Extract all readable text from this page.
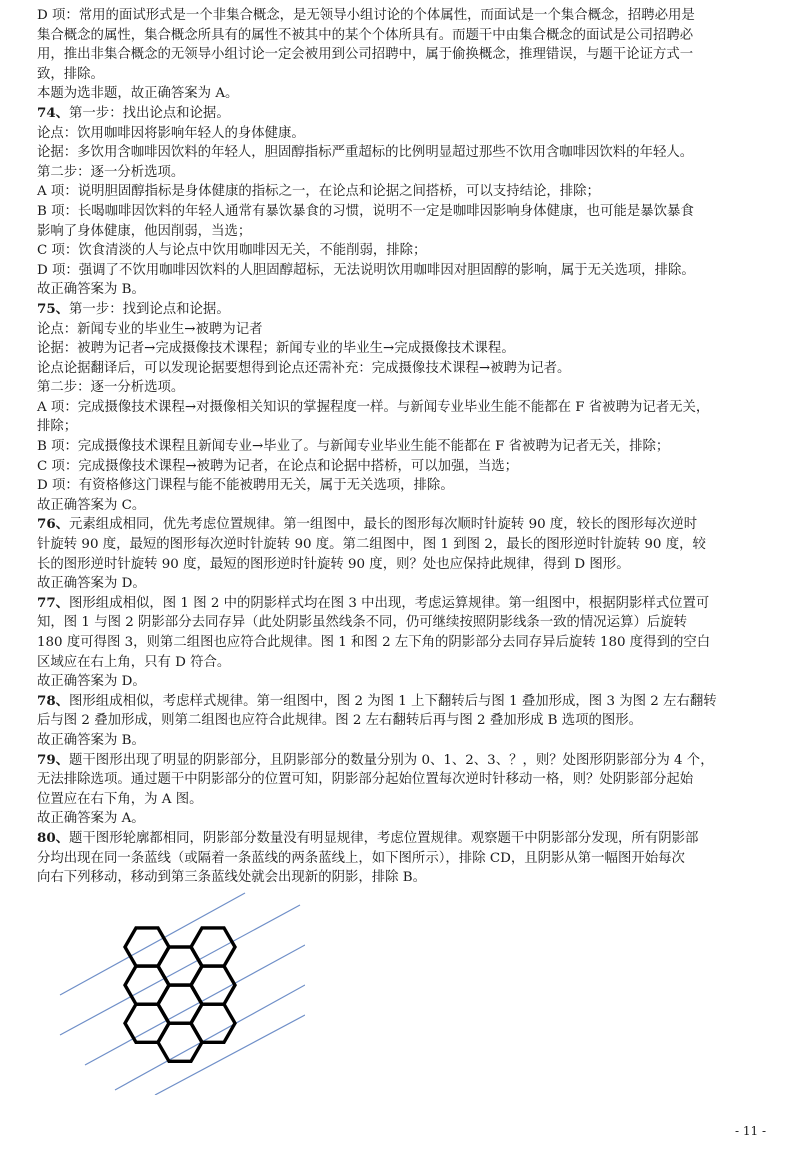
D 项：常用的面试形式是一个非集合概念，是无领导小组讨论的个体属性，而面试是一个集合概念，招聘必用是
集合概念的属性，集合概念所具有的属性不被其中的某个个体所具有。而题干中由集合概念的面试是公司招聘必
用，推出非集合概念的无领导小组讨论一定会被用到公司招聘中，属于偷换概念，推理错误，与题干论证方式一
致，排除。
本题为选非题，故正确答案为 A。
74、第一步：找出论点和论据。
论点：饮用咖啡因将影响年轻人的身体健康。
论据：多饮用含咖啡因饮料的年轻人，胆固醇指标严重超标的比例明显超过那些不饮用含咖啡因饮料的年轻人。
第二步：逐一分析选项。
A 项：说明胆固醇指标是身体健康的指标之一，在论点和论据之间搭桥，可以支持结论，排除；
B 项：长喝咖啡因饮料的年轻人通常有暴饮暴食的习惯，说明不一定是咖啡因影响身体健康，也可能是暴饮暴食
影响了身体健康，他因削弱，当选；
C 项：饮食清淡的人与论点中饮用咖啡因无关，不能削弱，排除；
D 项：强调了不饮用咖啡因饮料的人胆固醇超标，无法说明饮用咖啡因对胆固醇的影响，属于无关选项，排除。
故正确答案为 B。
75、第一步：找到论点和论据。
论点：新闻专业的毕业生→被聘为记者
论据：被聘为记者→完成摄像技术课程；新闻专业的毕业生→完成摄像技术课程。
论点论据翻译后，可以发现论据要想得到论点还需补充：完成摄像技术课程→被聘为记者。
第二步：逐一分析选项。
A 项：完成摄像技术课程→对摄像相关知识的掌握程度一样。与新闻专业毕业生能不能都在 F 省被聘为记者无关，
排除；
B 项：完成摄像技术课程且新闻专业→毕业了。与新闻专业毕业生能不能都在 F 省被聘为记者无关，排除；
C 项：完成摄像技术课程→被聘为记者，在论点和论据中搭桥，可以加强，当选；
D 项：有资格修这门课程与能不能被聘用无关，属于无关选项，排除。
故正确答案为 C。
76、元素组成相同，优先考虑位置规律。第一组图中，最长的图形每次顺时针旋转 90 度，较长的图形每次逆时
针旋转 90 度，最短的图形每次逆时针旋转 90 度。第二组图中，图 1 到图 2，最长的图形逆时针旋转 90 度，较
长的图形逆时针旋转 90 度，最短的图形逆时针旋转 90 度，则？处也应保持此规律，得到 D 图形。
故正确答案为 D。
77、图形组成相似，图 1 图 2 中的阴影样式均在图 3 中出现，考虑运算规律。第一组图中，根据阴影样式位置可
知，图 1 与图 2 阴影部分去同存异（此处阴影虽然线条不同，仍可继续按照阴影线条一致的情况运算）后旋转
180 度可得图 3，则第二组图也应符合此规律。图 1 和图 2 左下角的阴影部分去同存异后旋转 180 度得到的空白
区域应在右上角，只有 D 符合。
故正确答案为 D。
78、图形组成相似，考虑样式规律。第一组图中，图 2 为图 1 上下翻转后与图 1 叠加形成，图 3 为图 2 左右翻转
后与图 2 叠加形成，则第二组图也应符合此规律。图 2 左右翻转后再与图 2 叠加形成 B 选项的图形。
故正确答案为 B。
79、题干图形出现了明显的阴影部分，且阴影部分的数量分别为 0、1、2、3、？，则？处图形阴影部分为 4 个，
无法排除选项。通过题干中阴影部分的位置可知，阴影部分起始位置每次逆时针移动一格，则？处阴影部分起始
位置应在右下角，为 A 图。
故正确答案为 A。
80、题干图形轮廓都相同，阴影部分数量没有明显规律，考虑位置规律。观察题干中阴影部分发现，所有阴影部
分均出现在同一条蓝线（或隔着一条蓝线的两条蓝线上，如下图所示），排除 CD，且阴影从第一幅图开始每次
向右下列移动，移动到第三条蓝线处就会出现新的阴影，排除 B。
- 11 -
